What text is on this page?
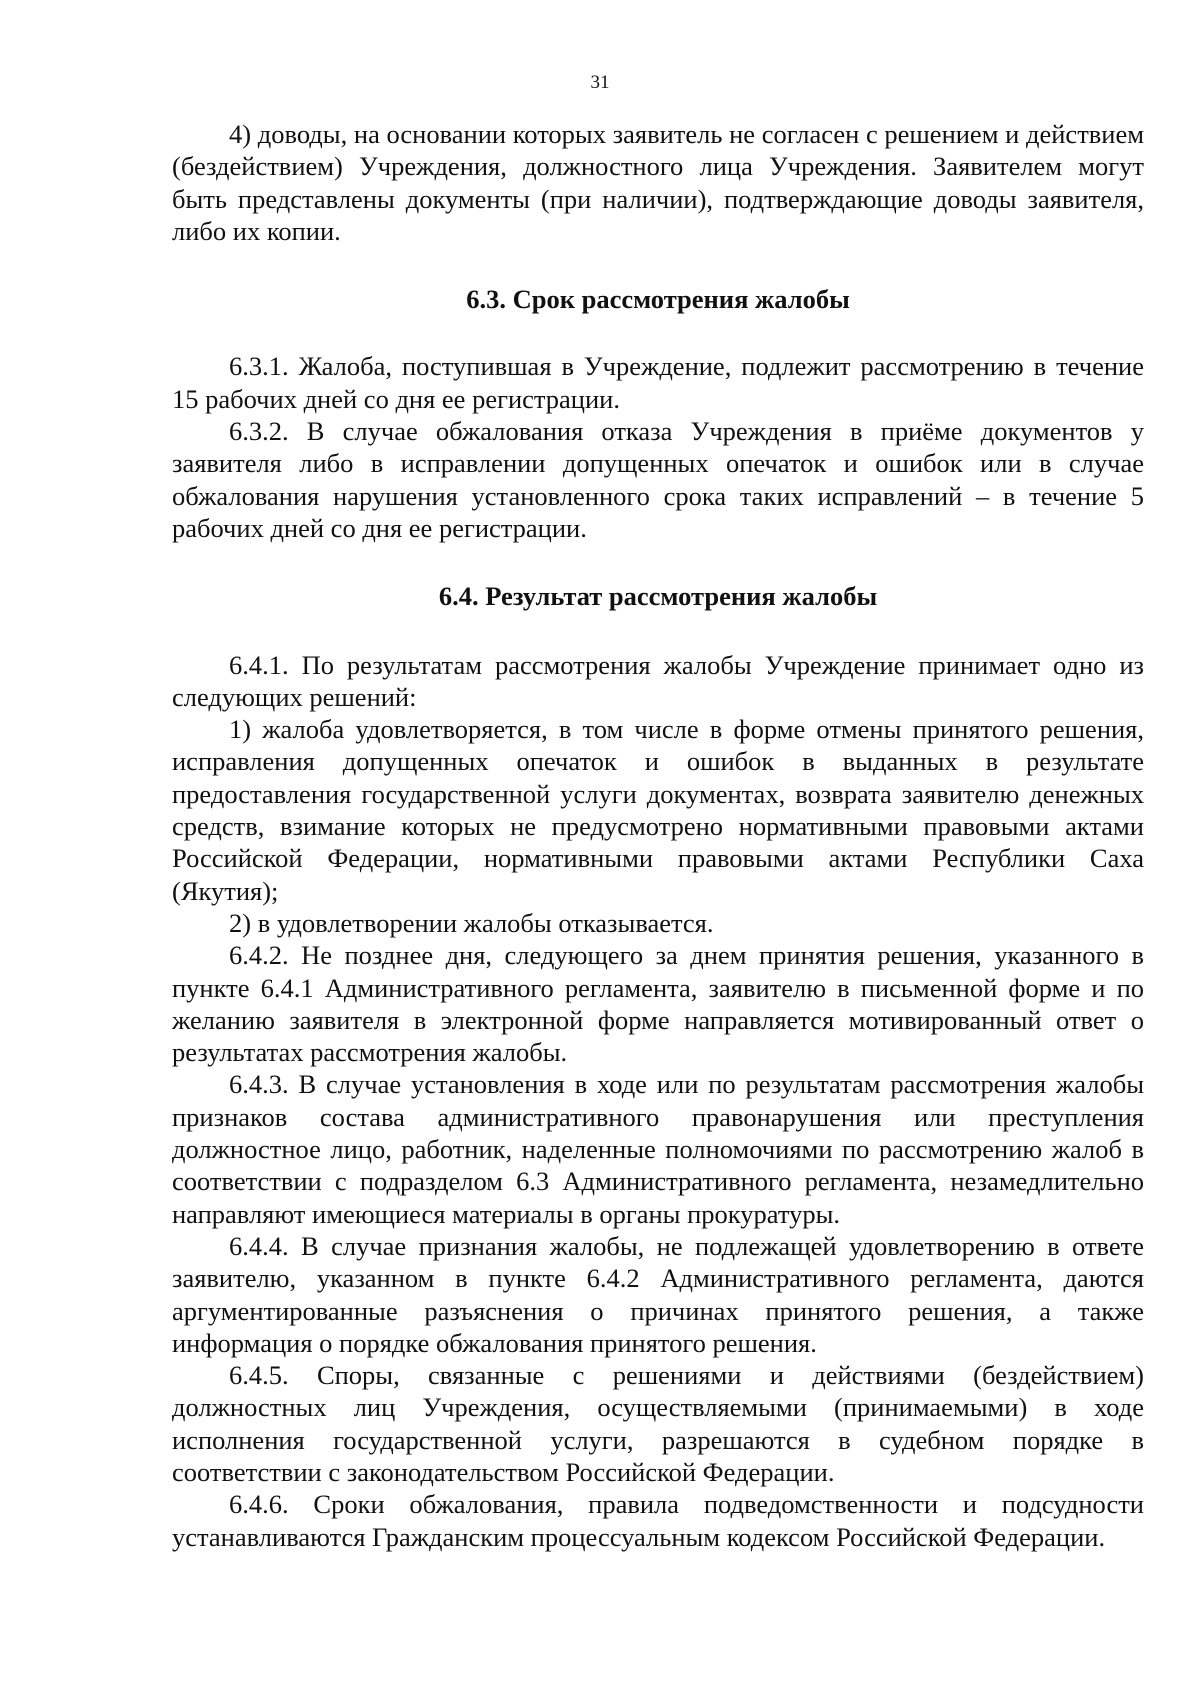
31

4) доводы, на основании которых заявитель не согласен с решением и действием (бездействием) Учреждения, должностного лица Учреждения. Заявителем могут быть представлены документы (при наличии), подтверждающие доводы заявителя, либо их копии.

6.3. Срок рассмотрения жалобы

6.3.1. Жалоба, поступившая в Учреждение, подлежит рассмотрению в течение 15 рабочих дней со дня ее регистрации.

6.3.2. В случае обжалования отказа Учреждения в приёме документов у заявителя либо в исправлении допущенных опечаток и ошибок или в случае обжалования нарушения установленного срока таких исправлений – в течение 5 рабочих дней со дня ее регистрации.

6.4. Результат рассмотрения жалобы

6.4.1. По результатам рассмотрения жалобы Учреждение принимает одно из следующих решений:

1) жалоба удовлетворяется, в том числе в форме отмены принятого решения, исправления допущенных опечаток и ошибок в выданных в результате предоставления государственной услуги документах, возврата заявителю денежных средств, взимание которых не предусмотрено нормативными правовыми актами Российской Федерации, нормативными правовыми актами Республики Саха (Якутия);

2) в удовлетворении жалобы отказывается.

6.4.2. Не позднее дня, следующего за днем принятия решения, указанного в пункте 6.4.1 Административного регламента, заявителю в письменной форме и по желанию заявителя в электронной форме направляется мотивированный ответ о результатах рассмотрения жалобы.

6.4.3. В случае установления в ходе или по результатам рассмотрения жалобы признаков состава административного правонарушения или преступления должностное лицо, работник, наделенные полномочиями по рассмотрению жалоб в соответствии с подразделом 6.3 Административного регламента, незамедлительно направляют имеющиеся материалы в органы прокуратуры.

6.4.4. В случае признания жалобы, не подлежащей удовлетворению в ответе заявителю, указанном в пункте 6.4.2 Административного регламента, даются аргументированные разъяснения о причинах принятого решения, а также информация о порядке обжалования принятого решения.

6.4.5. Споры, связанные с решениями и действиями (бездействием) должностных лиц Учреждения, осуществляемыми (принимаемыми) в ходе исполнения государственной услуги, разрешаются в судебном порядке в соответствии с законодательством Российской Федерации.

6.4.6. Сроки обжалования, правила подведомственности и подсудности устанавливаются Гражданским процессуальным кодексом Российской Федерации.
